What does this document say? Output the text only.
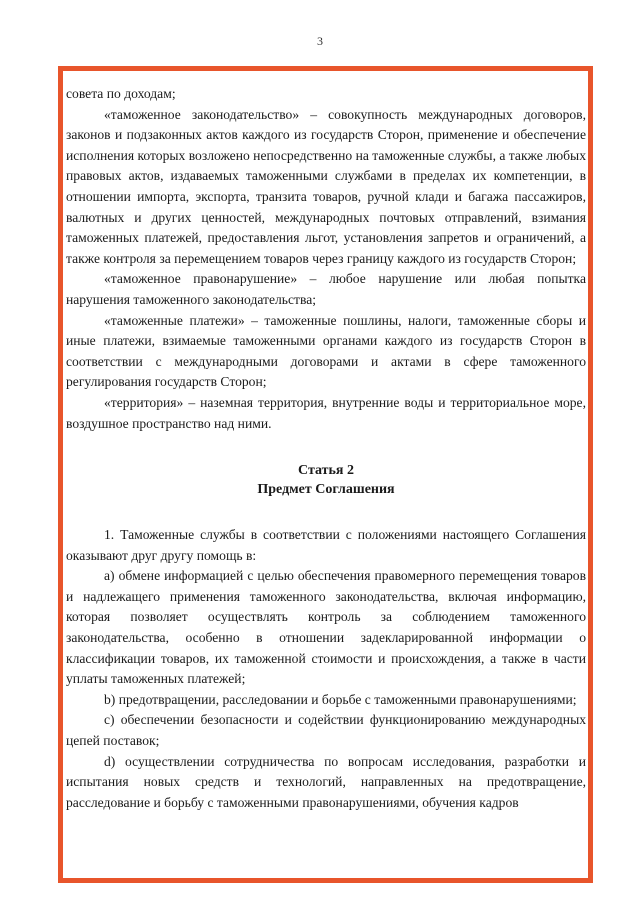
3

совета по доходам;

«таможенное законодательство» – совокупность международных договоров, законов и подзаконных актов каждого из государств Сторон, применение и обеспечение исполнения которых возложено непосредственно на таможенные службы, а также любых правовых актов, издаваемых таможенными службами в пределах их компетенции, в отношении импорта, экспорта, транзита товаров, ручной клади и багажа пассажиров, валютных и других ценностей, международных почтовых отправлений, взимания таможенных платежей, предоставления льгот, установления запретов и ограничений, а также контроля за перемещением товаров через границу каждого из государств Сторон;

«таможенное правонарушение» – любое нарушение или любая попытка нарушения таможенного законодательства;

«таможенные платежи» – таможенные пошлины, налоги, таможенные сборы и иные платежи, взимаемые таможенными органами каждого из государств Сторон в соответствии с международными договорами и актами в сфере таможенного регулирования государств Сторон;

«территория» – наземная территория, внутренние воды и территориальное море, воздушное пространство над ними.

Статья 2

Предмет Соглашения

1. Таможенные службы в соответствии с положениями настоящего Соглашения оказывают друг другу помощь в:

а) обмене информацией с целью обеспечения правомерного перемещения товаров и надлежащего применения таможенного законодательства, включая информацию, которая позволяет осуществлять контроль за соблюдением таможенного законодательства, особенно в отношении задекларированной информации о классификации товаров, их таможенной стоимости и происхождения, а также в части уплаты таможенных платежей;

b) предотвращении, расследовании и борьбе с таможенными правонарушениями;

c) обеспечении безопасности и содействии функционированию международных цепей поставок;

d) осуществлении сотрудничества по вопросам исследования, разработки и испытания новых средств и технологий, направленных на предотвращение, расследование и борьбу с таможенными правонарушениями, обучения кадров
